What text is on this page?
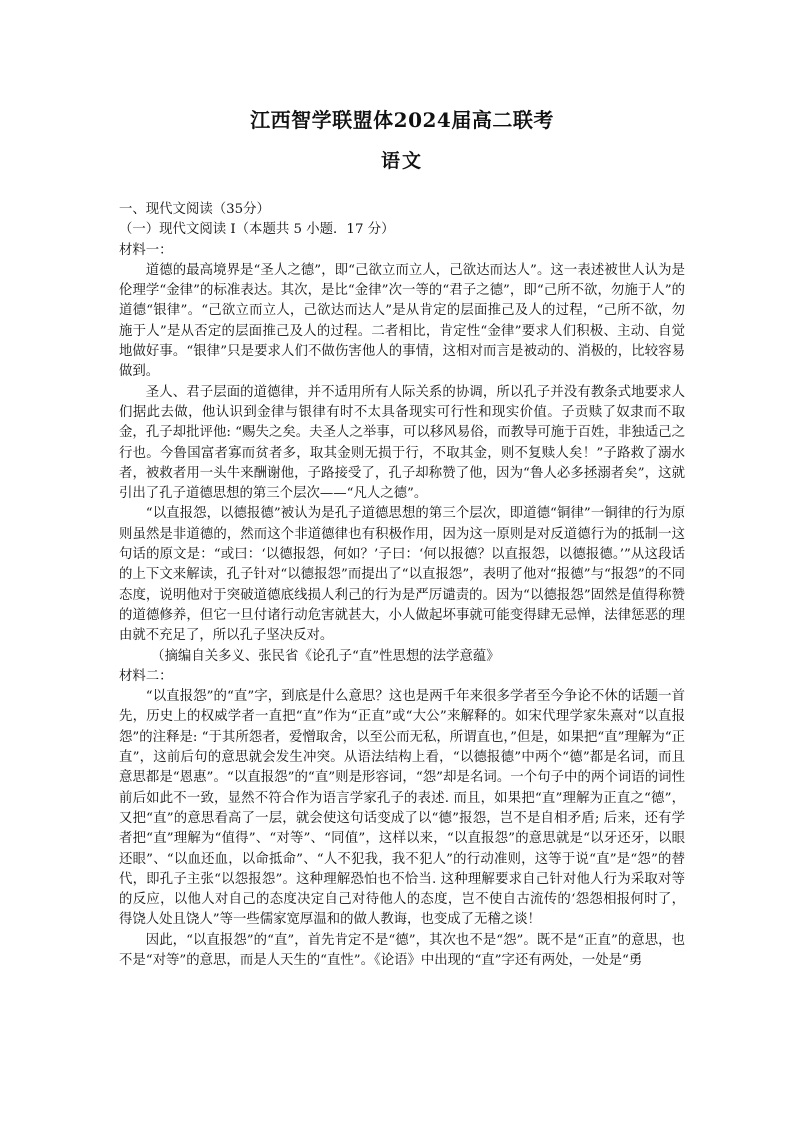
江西智学联盟体2024届高二联考
语文
一、现代文阅读（35分）
（一）现代文阅读 I（本题共 5 小题．17 分）
材料一：

道德的最高境界是“圣人之德”，即“己欲立而立人，己欲达而达人”。这一表述被世人认为是伦理学“金律”的标准表达。其次，是比“金律”次一等的“君子之德”，即“己所不欲，勿施于人”的道德“银律”。“己欲立而立人，己欲达而达人”是从肯定的层面推己及人的过程，“己所不欲，勿施于人”是从否定的层面推己及人的过程。二者相比，肯定性“金律”要求人们积极、主动、自觉地做好事。“银律”只是要求人们不做伤害他人的事情，这相对而言是被动的、消极的，比较容易做到。

圣人、君子层面的道德律，并不适用所有人际关系的协调，所以孔子并没有教条式地要求人们据此去做，他认识到金律与银律有时不太具备现实可行性和现实价值。子贡赎了奴隶而不取金，孔子却批评他: “赐失之矣。夫圣人之举事，可以移风易俗，而教导可施于百姓，非独适己之行也。今鲁国富者寡而贫者多，取其金则无损于行，不取其金，则不复赎人矣！”子路救了溺水者，被救者用一头牛来酬谢他，子路接受了，孔子却称赞了他，因为“鲁人必多拯溺者矣”，这就引出了孔子道德思想的第三个层次——“凡人之德”。

“以直报怨，以德报德”被认为是孔子道德思想的第三个层次，即道德“铜律”一铜律的行为原则虽然是非道德的，然而这个非道德律也有积极作用，因为这一原则是对反道德行为的抵制一这句话的原文是：“或曰：‘以德报怨，何如？’子曰：‘何以报德？以直报怨，以德报德。’”从这段话的上下文来解读，孔子针对“以德报怨”而提出了“以直报怨”，表明了他对“报德”与“报怨”的不同态度，说明他对于突破道德底线损人利己的行为是严厉谴责的。因为“以德报怨”固然是值得称赞的道德修养，但它一旦付诸行动危害就甚大，小人做起坏事就可能变得肆无忌惮，法律惩恶的理由就不充足了，所以孔子坚决反对。

（摘编自关多义、张民省《论孔子“直”性思想的法学意蕴》

材料二：

“以直报怨”的“直”字，到底是什么意思？这也是两千年来很多学者至今争论不休的话题一首先，历史上的权威学者一直把“直”作为“正直”或“大公”来解释的。如宋代理学家朱熹对“以直报怨”的注释是: “于其所怨者，爱憎取舍，以至公而无私，所谓直也，”但是，如果把“直”理解为“正直”，这前后句的意思就会发生冲突。从语法结构上看，“以德报德”中两个“德”都是名词，而且意思都是“恩惠”。“以直报怨”的“直”则是形容词，“怨”却是名词。一个句子中的两个词语的词性前后如此不一致，显然不符合作为语言学家孔子的表述. 而且，如果把“直”理解为正直之“德”，又把“直”的意思看高了一层，就会使这句话变成了以“德”报怨，岂不是自相矛盾; 后来，还有学者把“直”理解为“值得”、“对等”、“同值”，这样以来，“以直报怨”的意思就是“以牙还牙，以眼还眼”、“以血还血，以命抵命”、“人不犯我，我不犯人”的行动准则，这等于说“直”是“怨”的替代，即孔子主张“以怨报怨”。这种理解恐怕也不恰当. 这种理解要求自己针对他人行为采取对等的反应，以他人对自己的态度决定自己对待他人的态度，岂不使自古流传的‘怨怨相报何时了，得饶人处且饶人”等一些儒家宽厚温和的做人教诲，也变成了无稽之谈！

因此，“以直报怨”的“直”，首先肯定不是“德”，其次也不是“怨”。既不是“正直”的意思，也不是“对等”的意思，而是人天生的“直性”。《论语》中出现的“直”字还有两处，一处是“勇
